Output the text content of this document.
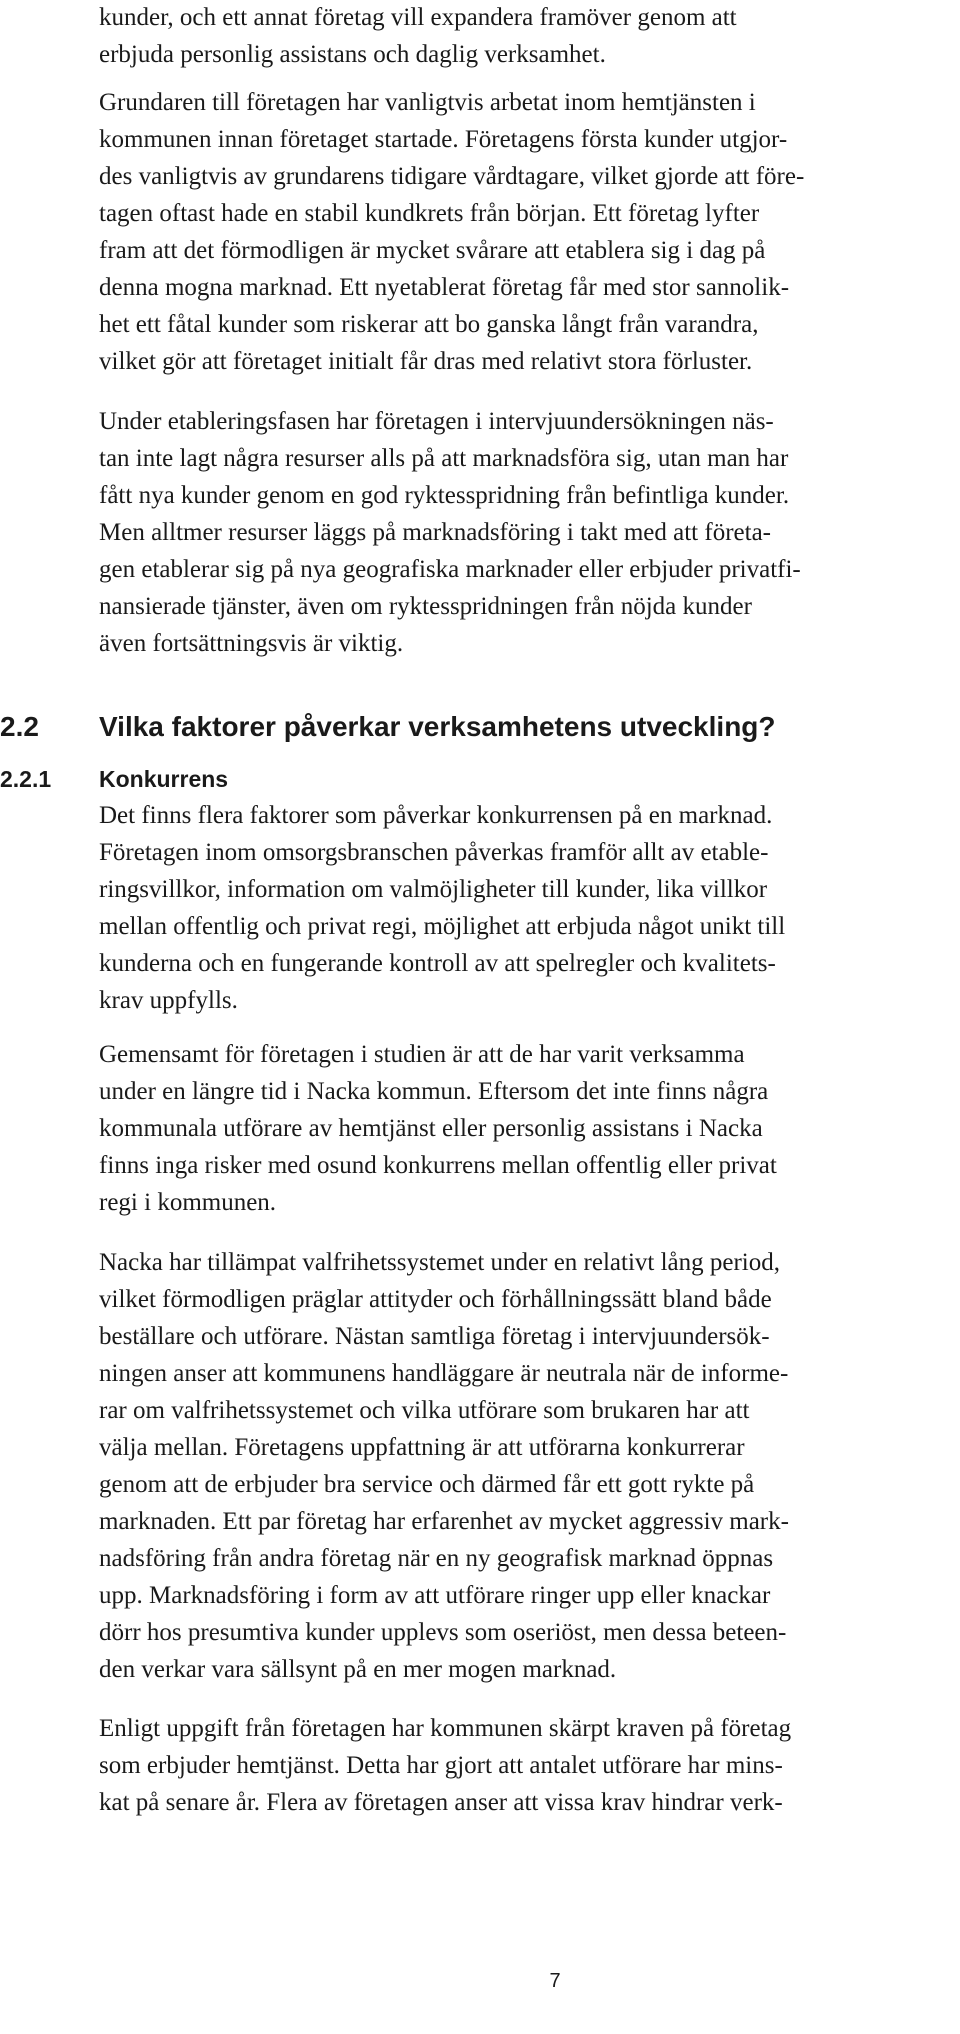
kunder, och ett annat företag vill expandera framöver genom att
erbjuda personlig assistans och daglig verksamhet.
Grundaren till företagen har vanligtvis arbetat inom hemtjänsten i
kommunen innan företaget startade. Företagens första kunder utgjor-
des vanligtvis av grundarens tidigare vårdtagare, vilket gjorde att före-
tagen oftast hade en stabil kundkrets från början. Ett företag lyfter
fram att det förmodligen är mycket svårare att etablera sig i dag på
denna mogna marknad. Ett nyetablerat företag får med stor sannolik-
het ett fåtal kunder som riskerar att bo ganska långt från varandra,
vilket gör att företaget initialt får dras med relativt stora förluster.
Under etableringsfasen har företagen i intervjuundersökningen näs-
tan inte lagt några resurser alls på att marknadsföra sig, utan man har
fått nya kunder genom en god ryktesspridning från befintliga kunder.
Men alltmer resurser läggs på marknadsföring i takt med att företa-
gen etablerar sig på nya geografiska marknader eller erbjuder privatfi-
nansierade tjänster, även om ryktesspridningen från nöjda kunder
även fortsättningsvis är viktig.
2.2 Vilka faktorer påverkar verksamhetens utveckling?
2.2.1 Konkurrens
Det finns flera faktorer som påverkar konkurrensen på en marknad.
Företagen inom omsorgsbranschen påverkas framför allt av etable-
ringsvillkor, information om valmöjligheter till kunder, lika villkor
mellan offentlig och privat regi, möjlighet att erbjuda något unikt till
kunderna och en fungerande kontroll av att spelregler och kvalitets-
krav uppfylls.
Gemensamt för företagen i studien är att de har varit verksamma
under en längre tid i Nacka kommun. Eftersom det inte finns några
kommunala utförare av hemtjänst eller personlig assistans i Nacka
finns inga risker med osund konkurrens mellan offentlig eller privat
regi i kommunen.
Nacka har tillämpat valfrihetssystemet under en relativt lång period,
vilket förmodligen präglar attityder och förhållningssätt bland både
beställare och utförare. Nästan samtliga företag i intervjuundersök-
ningen anser att kommunens handläggare är neutrala när de informe-
rar om valfrihetssystemet och vilka utförare som brukaren har att
välja mellan. Företagens uppfattning är att utförarna konkurrerar
genom att de erbjuder bra service och därmed får ett gott rykte på
marknaden. Ett par företag har erfarenhet av mycket aggressiv mark-
nadsföring från andra företag när en ny geografisk marknad öppnas
upp. Marknadsföring i form av att utförare ringer upp eller knackar
dörr hos presumtiva kunder upplevs som oseriöst, men dessa beteen-
den verkar vara sällsynt på en mer mogen marknad.
Enligt uppgift från företagen har kommunen skärpt kraven på företag
som erbjuder hemtjänst. Detta har gjort att antalet utförare har mins-
kat på senare år. Flera av företagen anser att vissa krav hindrar verk-
7
